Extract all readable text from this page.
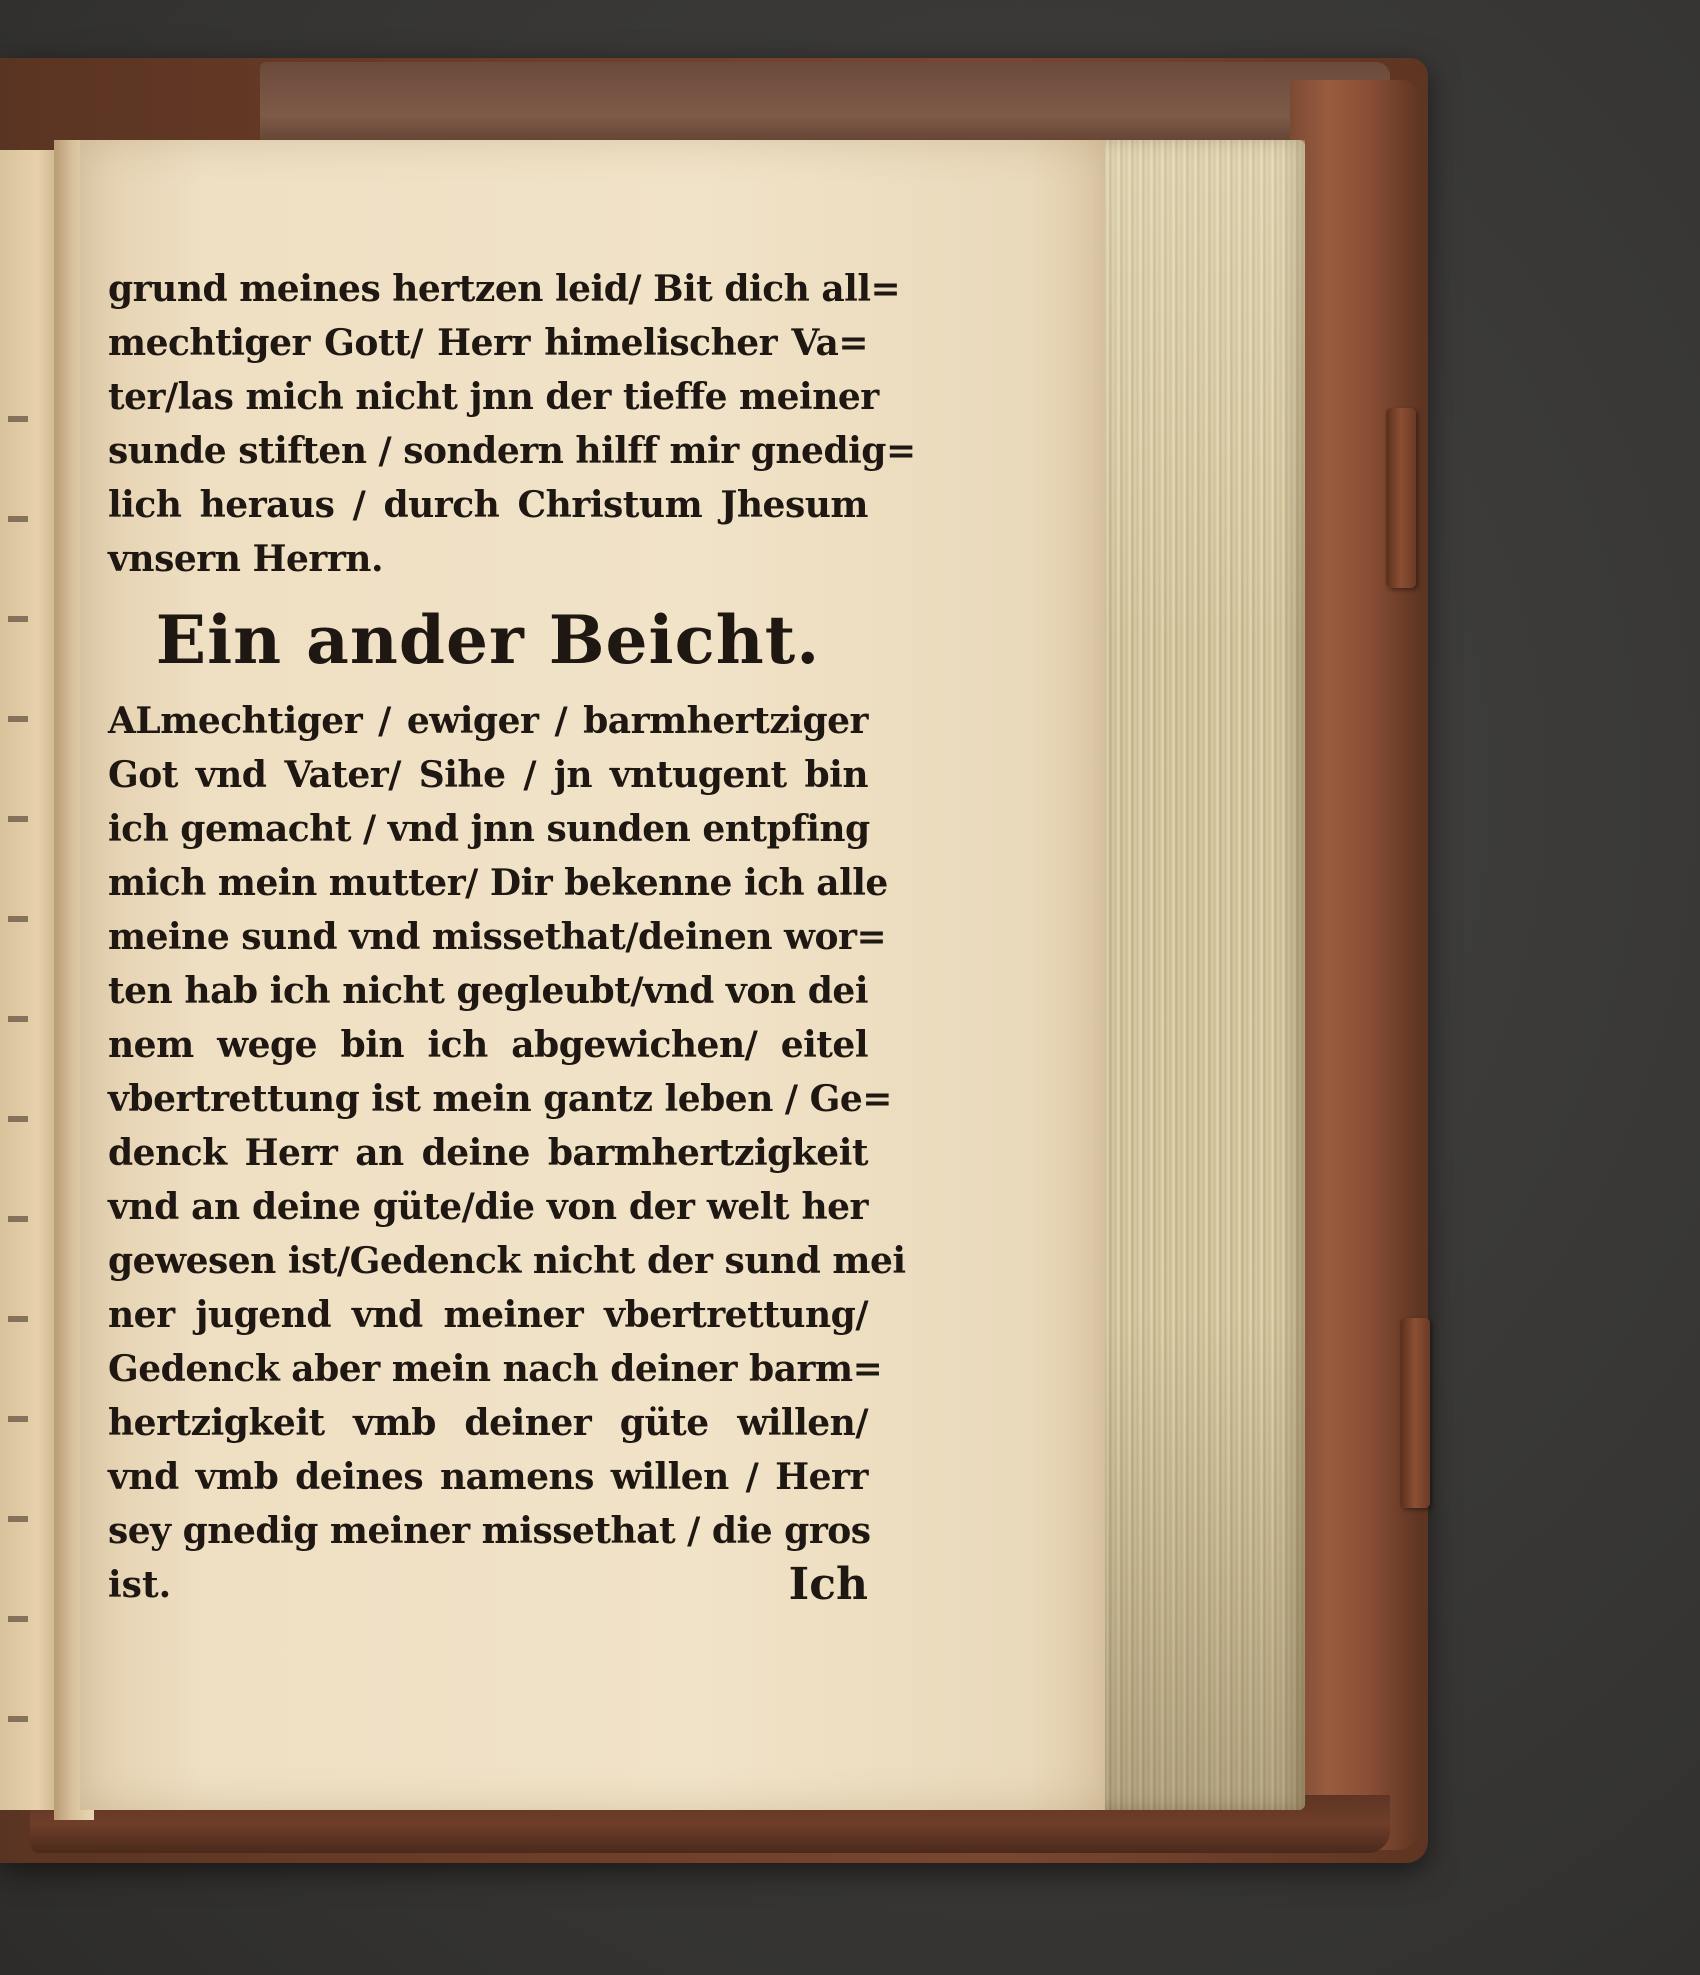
grund meines hertzen leid/ Bit dich all=
mechtiger Gott/ Herr himelischer Va=
ter/las mich nicht jnn der tieffe meiner
sunde stiften / sondern hilff mir gnedig=
lich heraus / durch Christum Jhesum
vnsern Herrn.
Ein ander Beicht.
ALmechtiger / ewiger / barmhertziger
Got vnd Vater/ Sihe / jn vntugent bin
ich gemacht / vnd jnn sunden entpfing
mich mein mutter/ Dir bekenne ich alle
meine sund vnd missethat/deinen wor=
ten hab ich nicht gegleubt/vnd von dei
nem wege bin ich abgewichen/ eitel
vbertrettung ist mein gantz leben / Ge=
denck Herr an deine barmhertzigkeit
vnd an deine güte/die von der welt her
gewesen ist/Gedenck nicht der sund mei
ner jugend vnd meiner vbertrettung/
Gedenck aber mein nach deiner barm=
hertzigkeit vmb deiner güte willen/
vnd vmb deines namens willen / Herr
sey gnedig meiner missethat / die gros
ist.	Ich
